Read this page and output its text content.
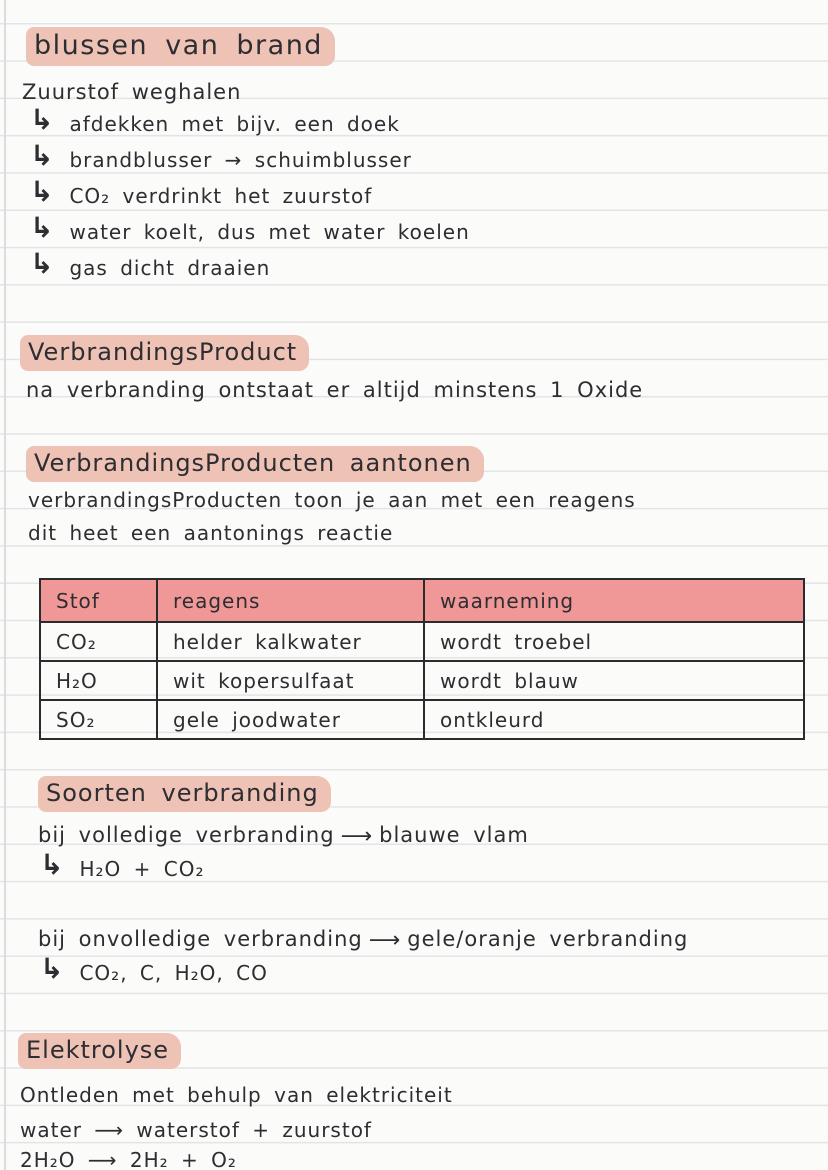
blussen van brand
Zuurstof weghalen
↳ afdekken met bijv. een doek
↳ brandblusser → schuimblusser
↳ CO₂ verdrinkt het zuurstof
↳ water koelt, dus met water koelen
↳ gas dicht draaien
VerbrandingsProduct
na verbranding ontstaat er altijd minstens 1 Oxide
VerbrandingsProducten aantonen
verbrandingsProducten toon je aan met een reagens
dit heet een aantonings reactie
Stof	reagens	waarneming
CO₂	helder kalkwater	wordt troebel
H₂O	wit kopersulfaat	wordt blauw
SO₂	gele joodwater	ontkleurd
Soorten verbranding
bij volledige verbranding ⟶ blauwe vlam
↳ H₂O + CO₂
bij onvolledige verbranding ⟶ gele/oranje verbranding
↳ CO₂, C, H₂O, CO
Elektrolyse
Ontleden met behulp van elektriciteit
water ⟶ waterstof + zuurstof
2H₂O ⟶ 2H₂ + O₂
